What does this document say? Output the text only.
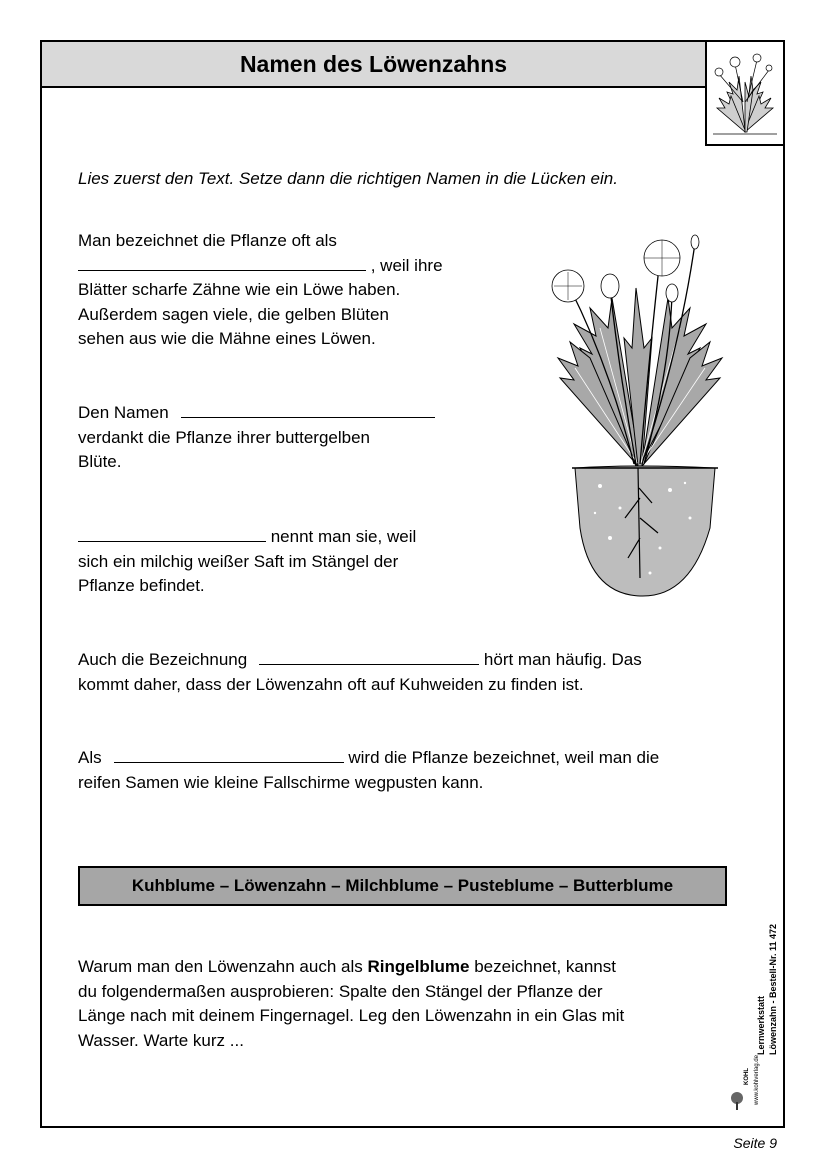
Namen des Löwenzahns
Lies zuerst den Text. Setze dann die richtigen Namen in die Lücken ein.
Man bezeichnet die Pflanze oft als
, weil ihre
Blätter scharfe Zähne wie ein Löwe haben.
Außerdem sagen viele, die gelben Blüten
sehen aus wie die Mähne eines Löwen.
Den Namen
verdankt die Pflanze ihrer buttergelben
Blüte.
nennt man sie, weil
sich ein milchig weißer Saft im Stängel der
Pflanze befindet.
Auch die Bezeichnung	hört man häufig. Das
kommt daher, dass der Löwenzahn oft auf Kuhweiden zu finden ist.
Als	wird die Pflanze bezeichnet, weil man die
reifen Samen wie kleine Fallschirme wegpusten kann.
Kuhblume – Löwenzahn – Milchblume – Pusteblume – Butterblume
Warum man den Löwenzahn auch als Ringelblume bezeichnet, kannst
du folgendermaßen ausprobieren: Spalte den Stängel der Pflanze der
Länge nach mit deinem Fingernagel. Leg den Löwenzahn in ein Glas mit
Wasser. Warte kurz ...	Lernwerkstatt Löwenzahn - Bestell-Nr. 11 472
KOHL www.kohlverlag.de
Seite 9
